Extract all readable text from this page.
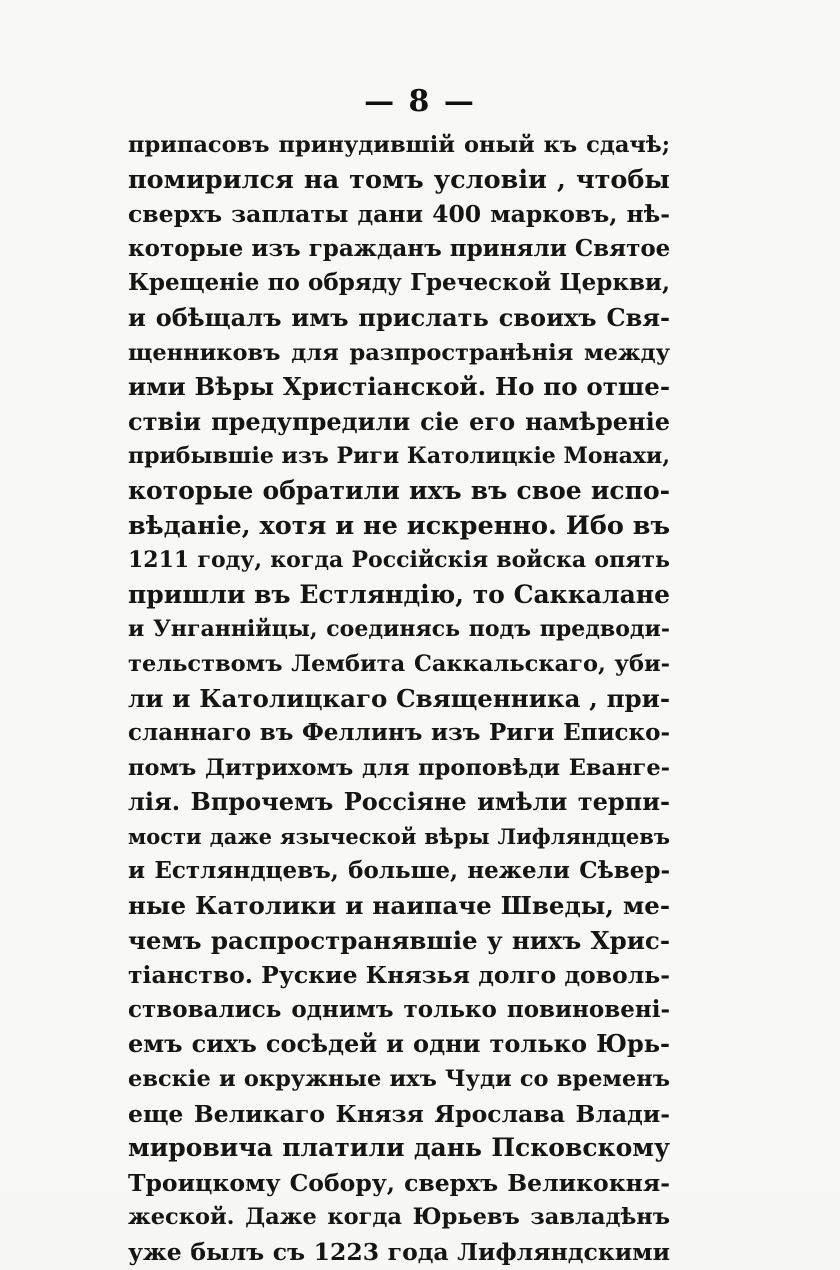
— 8 —
припасовъ принудившій оный къ сдачѣ;
помирился на томъ условіи , чтобы
сверхъ заплаты дани 400 марковъ, нѣ-
которые изъ гражданъ приняли Святое
Крещеніе по обряду Греческой Церкви,
и обѣщалъ имъ прислать своихъ Свя-
щенниковъ для разпространѣнія между
ими Вѣры Христіанской. Но по отше-
ствіи предупредили сіе его намѣреніе
прибывшіе изъ Риги Католицкіе Монахи,
которые обратили ихъ въ свое испо-
вѣданіе, хотя и не искренно. Ибо въ
1211 году, когда Россійскія войска опять
пришли въ Естляндію, то Саккалане
и Унганнійцы, соединясь подъ предводи-
тельствомъ Лембита Саккальскаго, уби-
ли и Католицкаго Священника , при-
сланнаго въ Феллинъ изъ Риги Еписко-
помъ Дитрихомъ для проповѣди Еванге-
лія. Впрочемъ Россіяне имѣли терпи-
мости даже языческой вѣры Лифляндцевъ
и Естляндцевъ, больше, нежели Сѣвер-
ные Католики и наипаче Шведы, ме-
чемъ распространявшіе у нихъ Хрис-
тіанство. Руские Князья долго доволь-
ствовались однимъ только повиновені-
емъ сихъ сосѣдей и одни только Юрь-
евскіе и окружные ихъ Чуди со временъ
еще Великаго Князя Ярослава Влади-
мировича платили дань Псковскому
Троицкому Собору, сверхъ Великокня-
жеской. Даже когда Юрьевъ завладѣнъ
уже былъ съ 1223 года Лифляндскими
